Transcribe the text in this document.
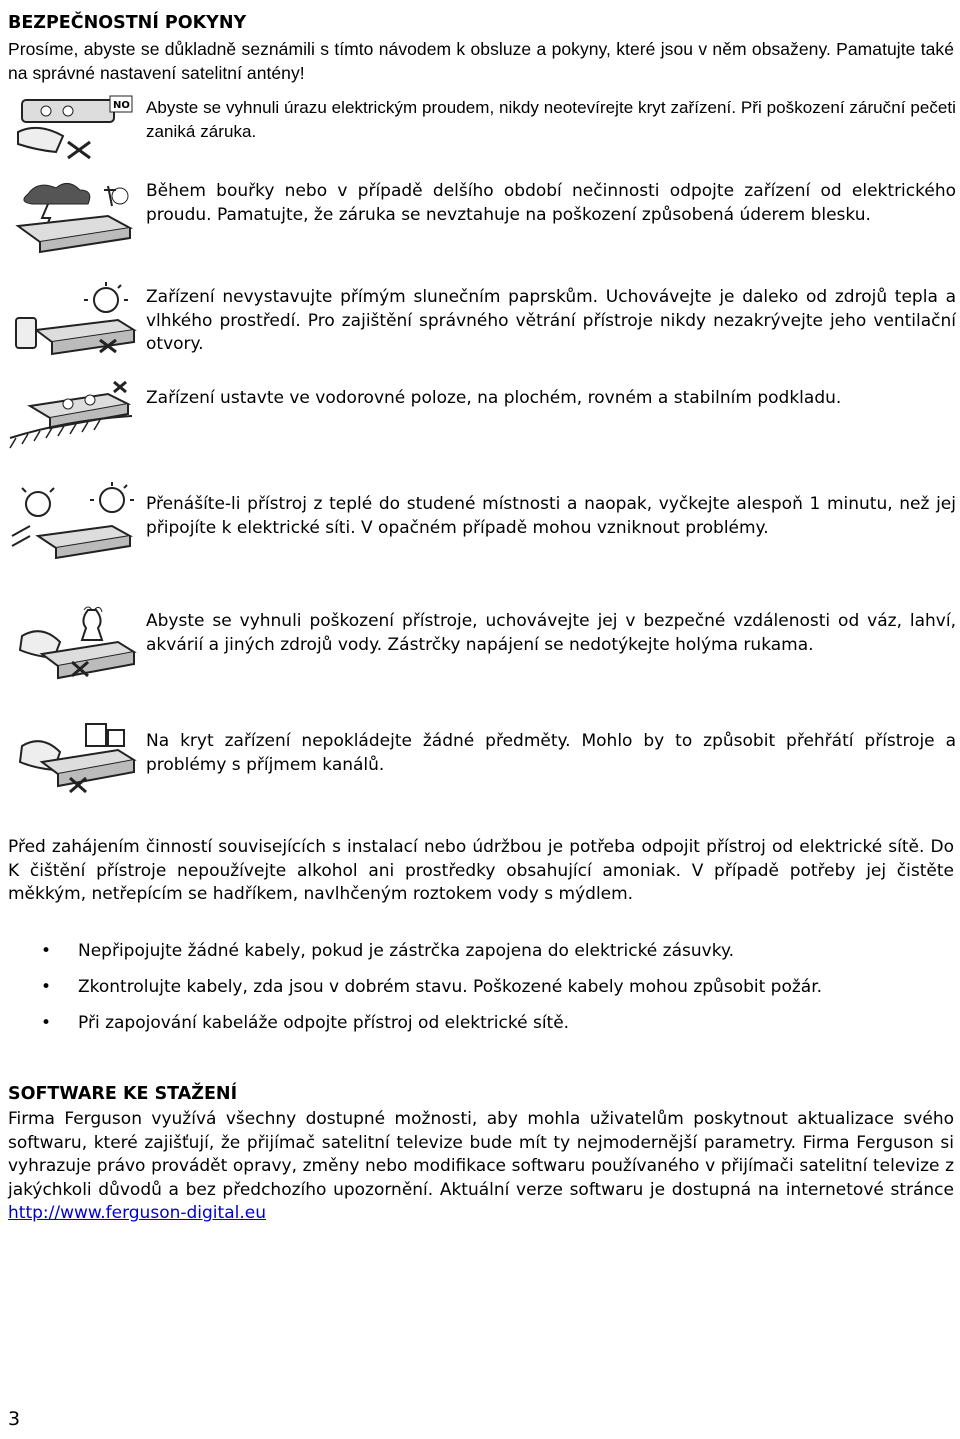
BEZPEČNOSTNÍ POKYNY

Prosíme, abyste se důkladně seznámili s tímto návodem k obsluze a pokyny, které jsou v něm obsaženy. Pamatujte také na správné nastavení satelitní antény!

NO Abyste se vyhnuli úrazu elektrickým proudem, nikdy neotevírejte kryt zařízení. Při poškození záruční pečeti zaniká záruka.

Během bouřky nebo v případě delšího období nečinnosti odpojte zařízení od elektrického proudu. Pamatujte, že záruka se nevztahuje na poškození způsobená úderem blesku.

Zařízení nevystavujte přímým slunečním paprskům. Uchovávejte je daleko od zdrojů tepla a vlhkého prostředí. Pro zajištění správného větrání přístroje nikdy nezakrývejte jeho ventilační otvory.

Zařízení ustavte ve vodorovné poloze, na plochém, rovném a stabilním podkladu.

Přenášíte-li přístroj z teplé do studené místnosti a naopak, vyčkejte alespoň 1 minutu, než jej připojíte k elektrické síti. V opačném případě mohou vzniknout problémy.

Abyste se vyhnuli poškození přístroje, uchovávejte jej v bezpečné vzdálenosti od váz, lahví, akvárií a jiných zdrojů vody. Zástrčky napájení se nedotýkejte holýma rukama.

Na kryt zařízení nepokládejte žádné předměty. Mohlo by to způsobit přehřátí přístroje a problémy s příjmem kanálů.

Před zahájením činností souvisejících s instalací nebo údržbou je potřeba odpojit přístroj od elektrické sítě. Do K čištění přístroje nepoužívejte alkohol ani prostředky obsahující amoniak. V případě potřeby jej čistěte měkkým, netřepícím se hadříkem, navlhčeným roztokem vody s mýdlem.

• Nepřipojujte žádné kabely, pokud je zástrčka zapojena do elektrické zásuvky.
• Zkontrolujte kabely, zda jsou v dobrém stavu. Poškozené kabely mohou způsobit požár.
• Při zapojování kabeláže odpojte přístroj od elektrické sítě.
SOFTWARE KE STAŽENÍ

Firma Ferguson využívá všechny dostupné možnosti, aby mohla uživatelům poskytnout aktualizace svého softwaru, které zajišťují, že přijímač satelitní televize bude mít ty nejmodernější parametry. Firma Ferguson si vyhrazuje právo provádět opravy, změny nebo modifikace softwaru používaného v přijímači satelitní televize z jakýchkoli důvodů a bez předchozího upozornění. Aktuální verze softwaru je dostupná na internetové stránce http://www.ferguson-digital.eu

3
